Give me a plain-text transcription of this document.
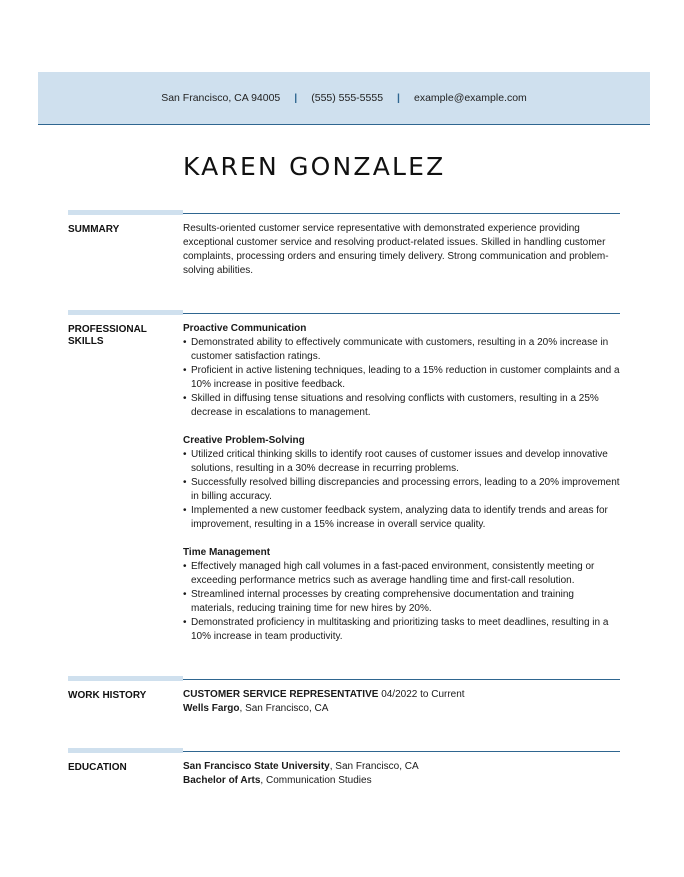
San Francisco, CA 94005 | (555) 555-5555 | example@example.com
KAREN GONZALEZ
SUMMARY	Results-oriented customer service representative with demonstrated experience providing exceptional customer service and resolving product-related issues. Skilled in handling customer complaints, processing orders and ensuring timely delivery. Strong communication and problem-solving abilities.

PROFESSIONAL SKILLS
Proactive Communication
• Demonstrated ability to effectively communicate with customers, resulting in a 20% increase in customer satisfaction ratings.
• Proficient in active listening techniques, leading to a 15% reduction in customer complaints and a 10% increase in positive feedback.
• Skilled in diffusing tense situations and resolving conflicts with customers, resulting in a 25% decrease in escalations to management.
Creative Problem-Solving
• Utilized critical thinking skills to identify root causes of customer issues and develop innovative solutions, resulting in a 30% decrease in recurring problems.
• Successfully resolved billing discrepancies and processing errors, leading to a 20% improvement in billing accuracy.
• Implemented a new customer feedback system, analyzing data to identify trends and areas for improvement, resulting in a 15% increase in overall service quality.
Time Management
• Effectively managed high call volumes in a fast-paced environment, consistently meeting or exceeding performance metrics such as average handling time and first-call resolution.
• Streamlined internal processes by creating comprehensive documentation and training materials, reducing training time for new hires by 20%.
• Demonstrated proficiency in multitasking and prioritizing tasks to meet deadlines, resulting in a 10% increase in team productivity.
WORK HISTORY	CUSTOMER SERVICE REPRESENTATIVE 04/2022 to Current
Wells Fargo, San Francisco, CA
EDUCATION	San Francisco State University, San Francisco, CA
Bachelor of Arts, Communication Studies
